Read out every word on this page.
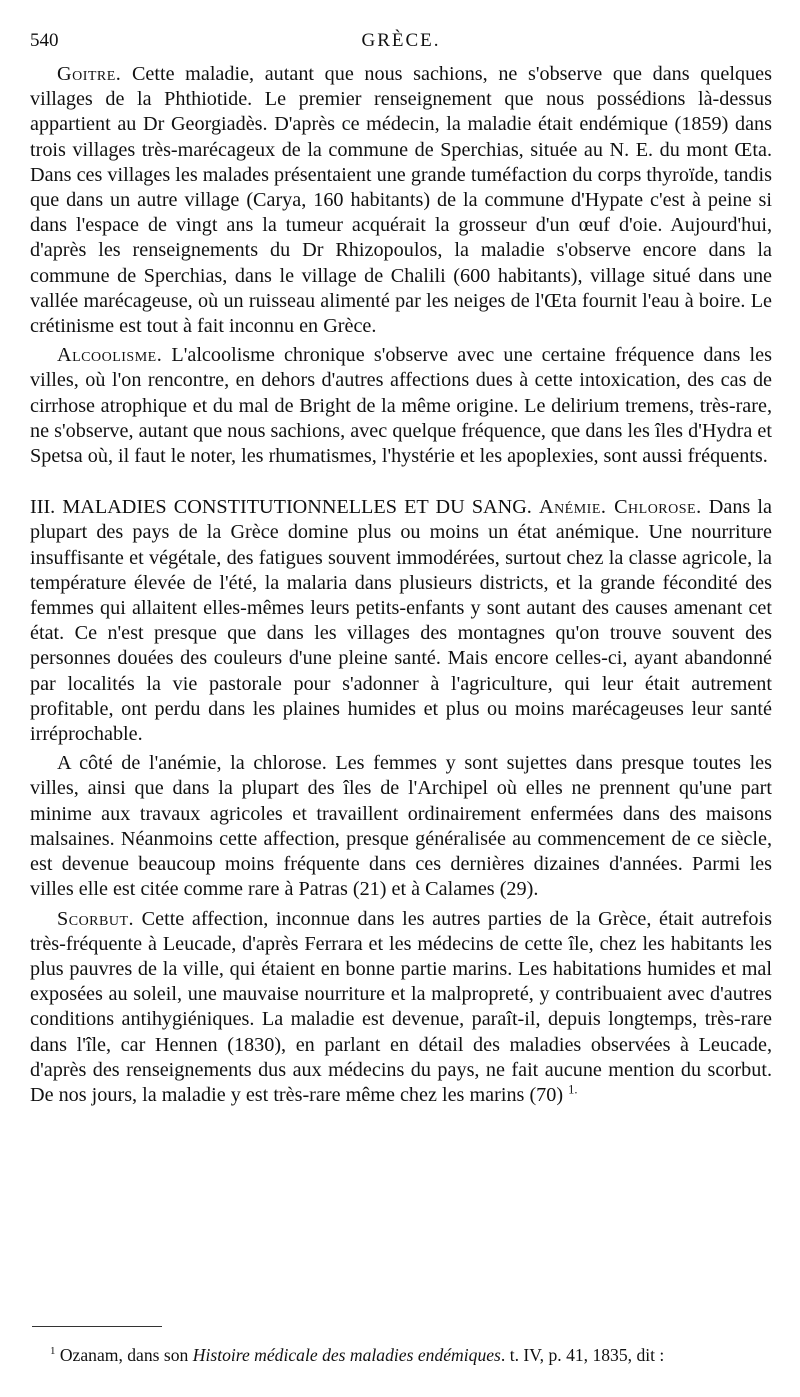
540	GRÈCE.

Goitre. Cette maladie, autant que nous sachions, ne s'observe que dans quelques villages de la Phthiotide. Le premier renseignement que nous possédions là-dessus appartient au Dr Georgiadès. D'après ce médecin, la maladie était endémique (1859) dans trois villages très-marécageux de la commune de Sperchias, située au N. E. du mont Œta. Dans ces villages les malades présentaient une grande tuméfaction du corps thyroïde, tandis que dans un autre village (Carya, 160 habitants) de la commune d'Hypate c'est à peine si dans l'espace de vingt ans la tumeur acquérait la grosseur d'un œuf d'oie. Aujourd'hui, d'après les renseignements du Dr Rhizopoulos, la maladie s'observe encore dans la commune de Sperchias, dans le village de Chalili (600 habitants), village situé dans une vallée marécageuse, où un ruisseau alimenté par les neiges de l'Œta fournit l'eau à boire. Le crétinisme est tout à fait inconnu en Grèce.

Alcoolisme. L'alcoolisme chronique s'observe avec une certaine fréquence dans les villes, où l'on rencontre, en dehors d'autres affections dues à cette intoxication, des cas de cirrhose atrophique et du mal de Bright de la même origine. Le delirium tremens, très-rare, ne s'observe, autant que nous sachions, avec quelque fréquence, que dans les îles d'Hydra et Spetsa où, il faut le noter, les rhumatismes, l'hystérie et les apoplexies, sont aussi fréquents.

III. MALADIES CONSTITUTIONNELLES ET DU SANG. Anémie. Chlorose. Dans la plupart des pays de la Grèce domine plus ou moins un état anémique. Une nourriture insuffisante et végétale, des fatigues souvent immodérées, surtout chez la classe agricole, la température élevée de l'été, la malaria dans plusieurs districts, et la grande fécondité des femmes qui allaitent elles-mêmes leurs petits-enfants y sont autant des causes amenant cet état. Ce n'est presque que dans les villages des montagnes qu'on trouve souvent des personnes douées des couleurs d'une pleine santé. Mais encore celles-ci, ayant abandonné par localités la vie pastorale pour s'adonner à l'agriculture, qui leur était autrement profitable, ont perdu dans les plaines humides et plus ou moins marécageuses leur santé irréprochable.

A côté de l'anémie, la chlorose. Les femmes y sont sujettes dans presque toutes les villes, ainsi que dans la plupart des îles de l'Archipel où elles ne prennent qu'une part minime aux travaux agricoles et travaillent ordinairement enfermées dans des maisons malsaines. Néanmoins cette affection, presque généralisée au commencement de ce siècle, est devenue beaucoup moins fréquente dans ces dernières dizaines d'années. Parmi les villes elle est citée comme rare à Patras (21) et à Calames (29).

Scorbut. Cette affection, inconnue dans les autres parties de la Grèce, était autrefois très-fréquente à Leucade, d'après Ferrara et les médecins de cette île, chez les habitants les plus pauvres de la ville, qui étaient en bonne partie marins. Les habitations humides et mal exposées au soleil, une mauvaise nourriture et la malpropreté, y contribuaient avec d'autres conditions antihygiéniques. La maladie est devenue, paraît-il, depuis longtemps, très-rare dans l'île, car Hennen (1830), en parlant en détail des maladies observées à Leucade, d'après des renseignements dus aux médecins du pays, ne fait aucune mention du scorbut. De nos jours, la maladie y est très-rare même chez les marins (70) $^{1.}$

$^1$ Ozanam, dans son Histoire médicale des maladies endémiques. t. IV, p. 41, 1835, dit :
